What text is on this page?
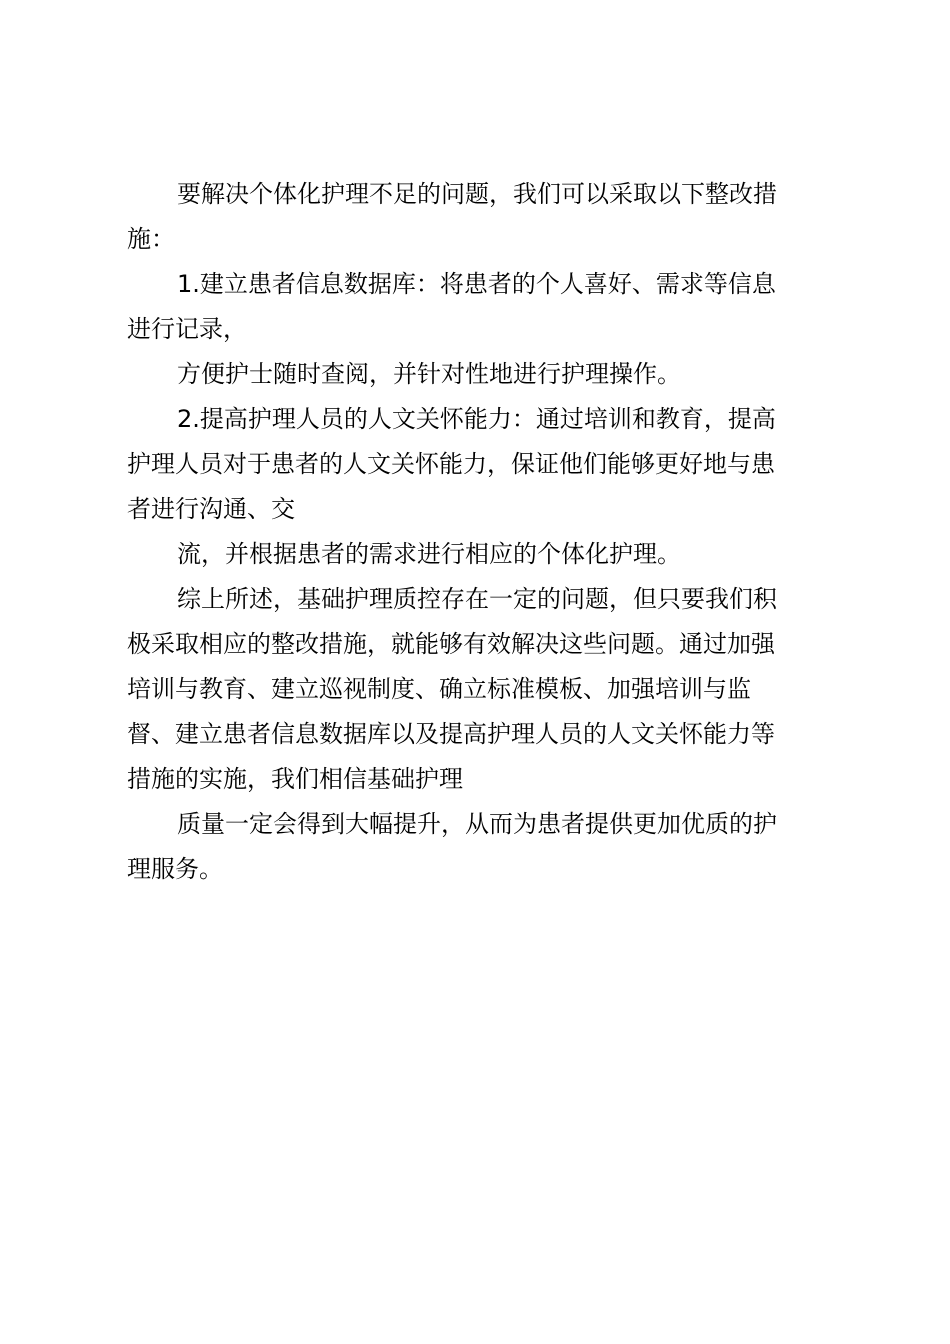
要解决个体化护理不足的问题，我们可以采取以下整改措

施：

1.建立患者信息数据库：将患者的个人喜好、需求等信息

进行记录，

方便护士随时查阅，并针对性地进行护理操作。

2.提高护理人员的人文关怀能力：通过培训和教育，提高

护理人员对于患者的人文关怀能力，保证他们能够更好地与患

者进行沟通、交

流，并根据患者的需求进行相应的个体化护理。

综上所述，基础护理质控存在一定的问题，但只要我们积

极采取相应的整改措施，就能够有效解决这些问题。通过加强

培训与教育、建立巡视制度、确立标准模板、加强培训与监

督、建立患者信息数据库以及提高护理人员的人文关怀能力等

措施的实施，我们相信基础护理

质量一定会得到大幅提升，从而为患者提供更加优质的护

理服务。
